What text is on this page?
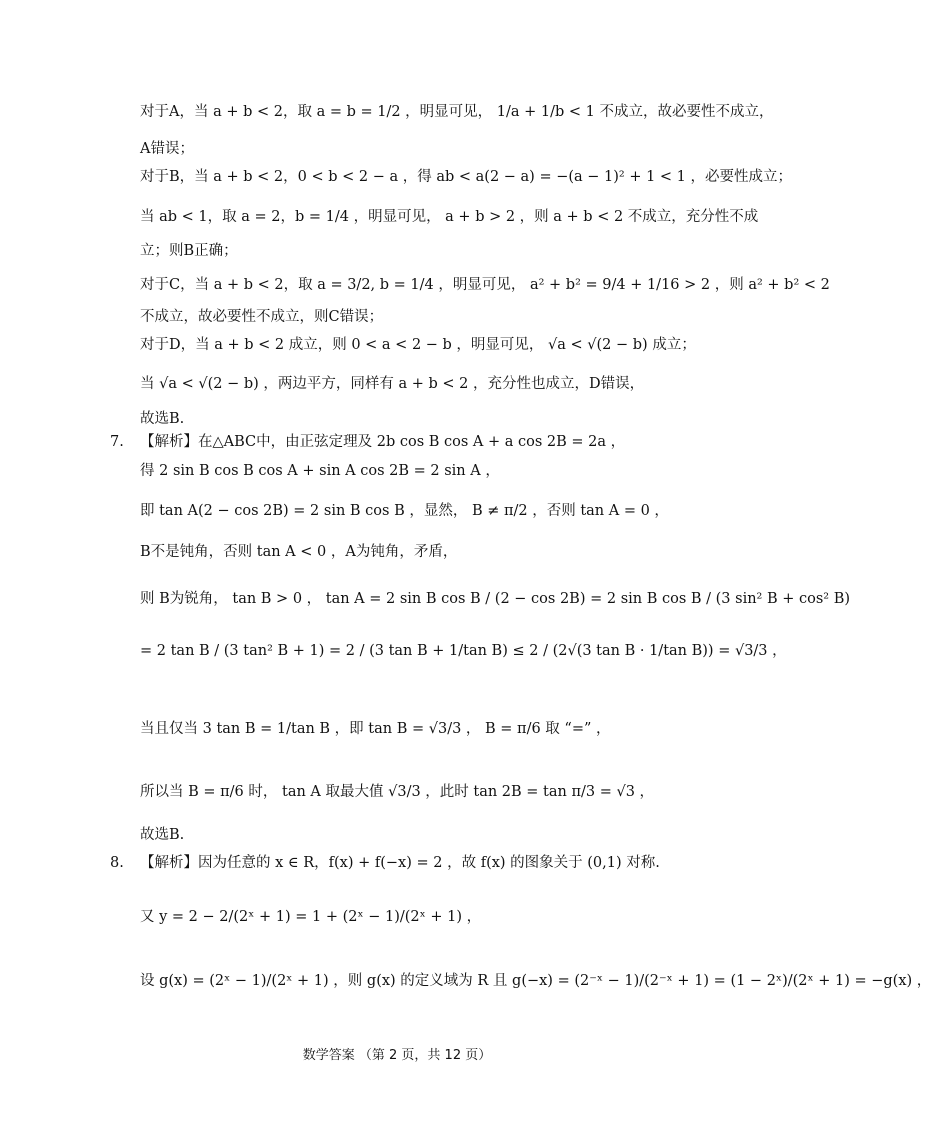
对于A，当 a + b < 2，取 a = b = 1/2 ，明显可见， 1/a + 1/b < 1 不成立，故必要性不成立，
A错误；
对于B，当 a + b < 2，0 < b < 2 − a ，得 ab < a(2 − a) = −(a − 1)² + 1 < 1 ，必要性成立；
当 ab < 1，取 a = 2，b = 1/4 ，明显可见， a + b > 2 ，则 a + b < 2 不成立，充分性不成
立；则B正确；
对于C，当 a + b < 2，取 a = 3/2, b = 1/4 ，明显可见， a² + b² = 9/4 + 1/16 > 2 ，则 a² + b² < 2
不成立，故必要性不成立，则C错误；
对于D，当 a + b < 2 成立，则 0 < a < 2 − b ，明显可见， √a < √(2 − b) 成立；
当 √a < √(2 − b) ，两边平方，同样有 a + b < 2 ，充分性也成立，D错误，
故选B.
7. 【解析】在△ABC中，由正弦定理及 2b cos B cos A + a cos 2B = 2a ，
得 2 sin B cos B cos A + sin A cos 2B = 2 sin A ，
即 tan A(2 − cos 2B) = 2 sin B cos B ，显然， B ≠ π/2 ，否则 tan A = 0 ，
B不是钝角，否则 tan A < 0 ，A为钝角，矛盾，
则 B为锐角， tan B > 0 ， tan A = 2 sin B cos B / (2 − cos 2B) = 2 sin B cos B / (3 sin² B + cos² B)
= 2 tan B / (3 tan² B + 1) = 2 / (3 tan B + 1/tan B) ≤ 2 / (2√(3 tan B · 1/tan B)) = √3/3 ，
当且仅当 3 tan B = 1/tan B ，即 tan B = √3/3 ， B = π/6 取 “=” ，
所以当 B = π/6 时， tan A 取最大值 √3/3 ，此时 tan 2B = tan π/3 = √3 ，
故选B.
8. 【解析】因为任意的 x ∈ R，f(x) + f(−x) = 2 ，故 f(x) 的图象关于 (0,1) 对称.
又 y = 2 − 2/(2ˣ + 1) = 1 + (2ˣ − 1)/(2ˣ + 1) ，
设 g(x) = (2ˣ − 1)/(2ˣ + 1) ，则 g(x) 的定义域为 R 且 g(−x) = (2⁻ˣ − 1)/(2⁻ˣ + 1) = (1 − 2ˣ)/(2ˣ + 1) = −g(x) ，
数学答案 （第 2 页，共 12 页）
